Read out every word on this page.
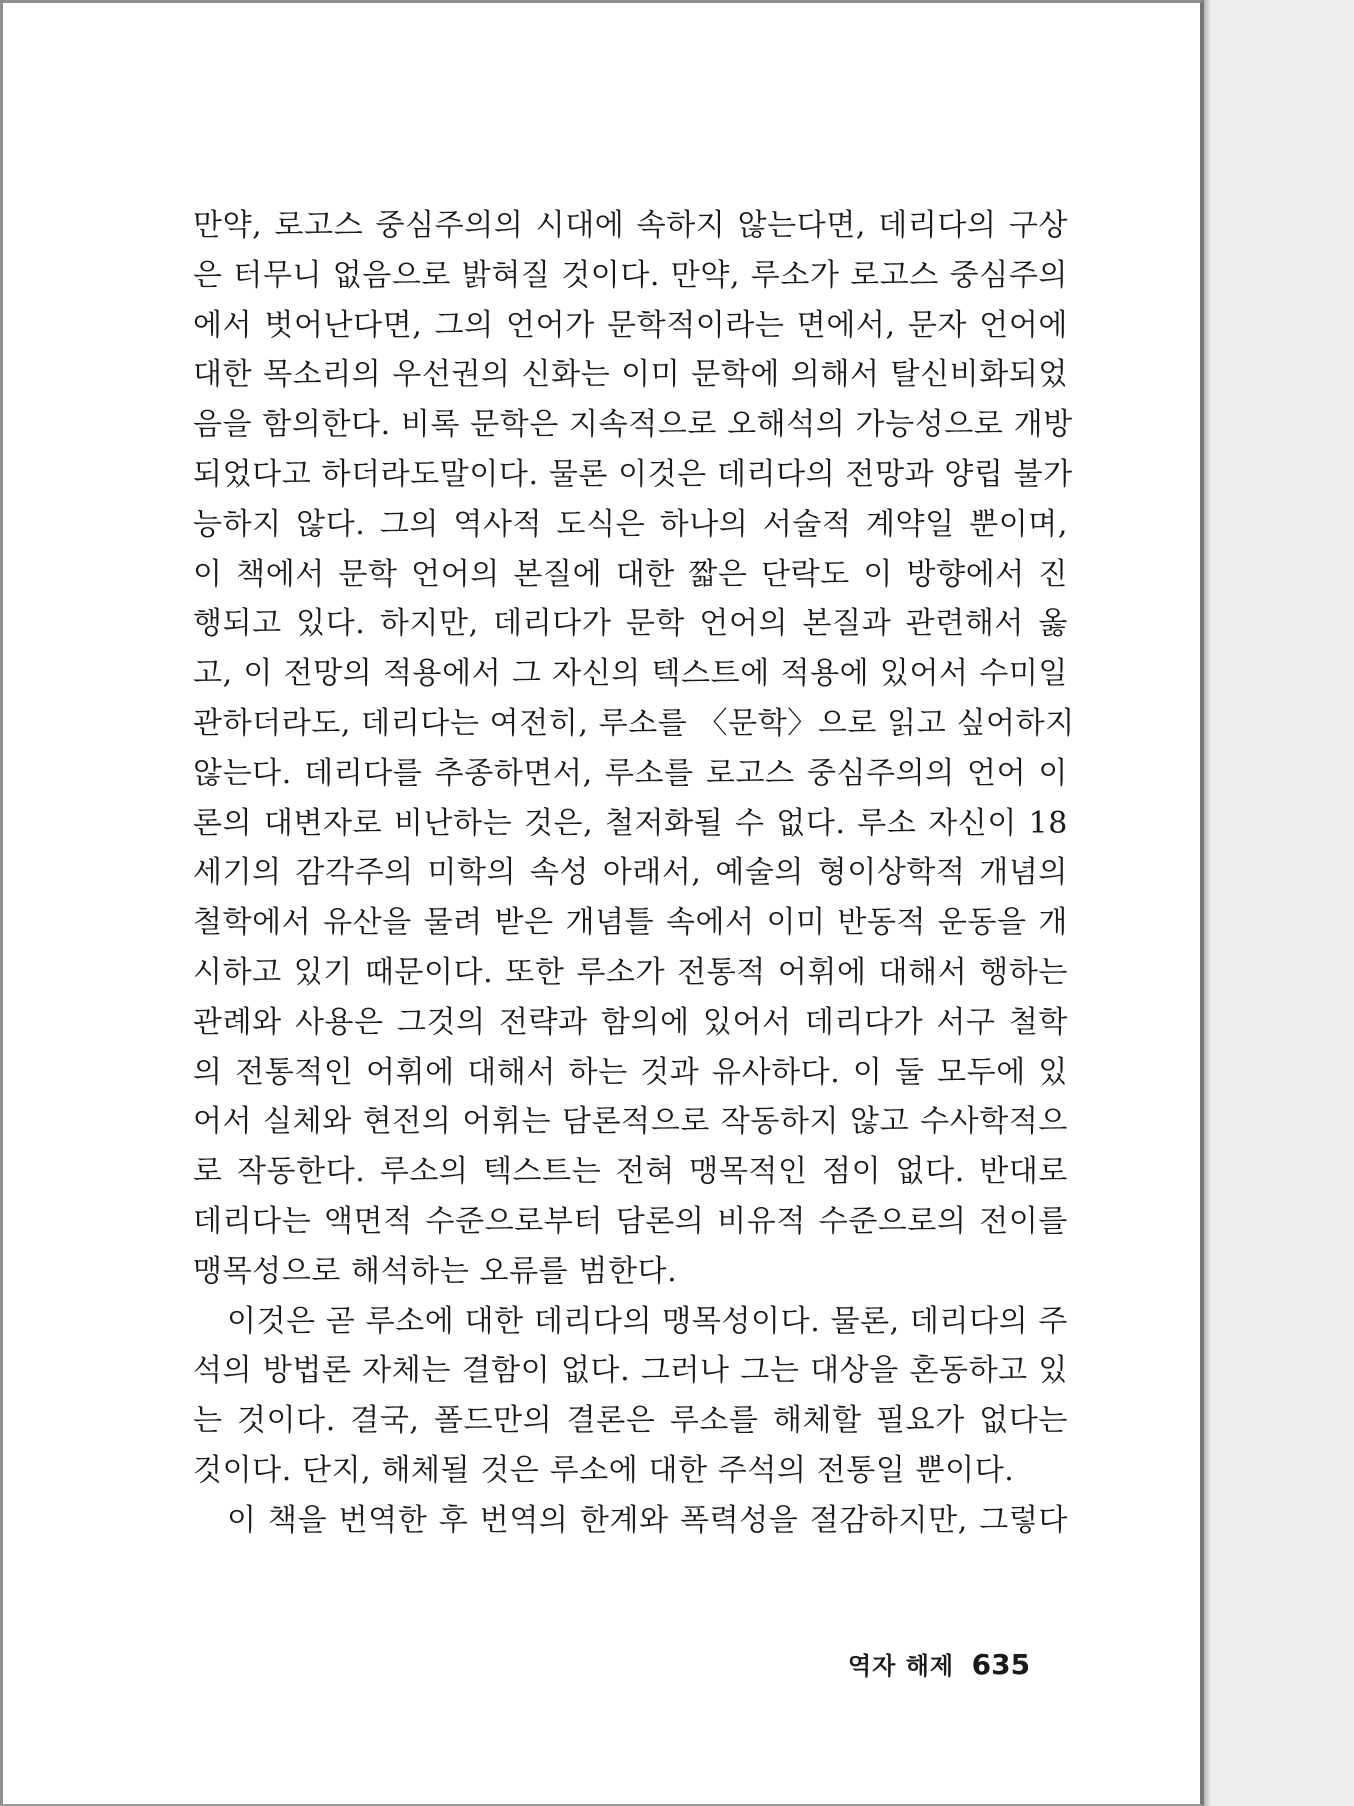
만약, 로고스 중심주의의 시대에 속하지 않는다면, 데리다의 구상
은 터무니 없음으로 밝혀질 것이다. 만약, 루소가 로고스 중심주의
에서 벗어난다면, 그의 언어가 문학적이라는 면에서, 문자 언어에
대한 목소리의 우선권의 신화는 이미 문학에 의해서 탈신비화되었
음을 함의한다. 비록 문학은 지속적으로 오해석의 가능성으로 개방
되었다고 하더라도말이다. 물론 이것은 데리다의 전망과 양립 불가
능하지 않다. 그의 역사적 도식은 하나의 서술적 계약일 뿐이며,
이 책에서 문학 언어의 본질에 대한 짧은 단락도 이 방향에서 진
행되고 있다. 하지만, 데리다가 문학 언어의 본질과 관련해서 옳
고, 이 전망의 적용에서 그 자신의 텍스트에 적용에 있어서 수미일
관하더라도, 데리다는 여전히, 루소를 〈문학〉으로 읽고 싶어하지
않는다. 데리다를 추종하면서, 루소를 로고스 중심주의의 언어 이
론의 대변자로 비난하는 것은, 철저화될 수 없다. 루소 자신이 18
세기의 감각주의 미학의 속성 아래서, 예술의 형이상학적 개념의
철학에서 유산을 물려 받은 개념틀 속에서 이미 반동적 운동을 개
시하고 있기 때문이다. 또한 루소가 전통적 어휘에 대해서 행하는
관례와 사용은 그것의 전략과 함의에 있어서 데리다가 서구 철학
의 전통적인 어휘에 대해서 하는 것과 유사하다. 이 둘 모두에 있
어서 실체와 현전의 어휘는 담론적으로 작동하지 않고 수사학적으
로 작동한다. 루소의 텍스트는 전혀 맹목적인 점이 없다. 반대로
데리다는 액면적 수준으로부터 담론의 비유적 수준으로의 전이를
맹목성으로 해석하는 오류를 범한다.
이것은 곧 루소에 대한 데리다의 맹목성이다. 물론, 데리다의 주
석의 방법론 자체는 결함이 없다. 그러나 그는 대상을 혼동하고 있
는 것이다. 결국, 폴드만의 결론은 루소를 해체할 필요가 없다는
것이다. 단지, 해체될 것은 루소에 대한 주석의 전통일 뿐이다.
이 책을 번역한 후 번역의 한계와 폭력성을 절감하지만, 그렇다
역자 해제 635
